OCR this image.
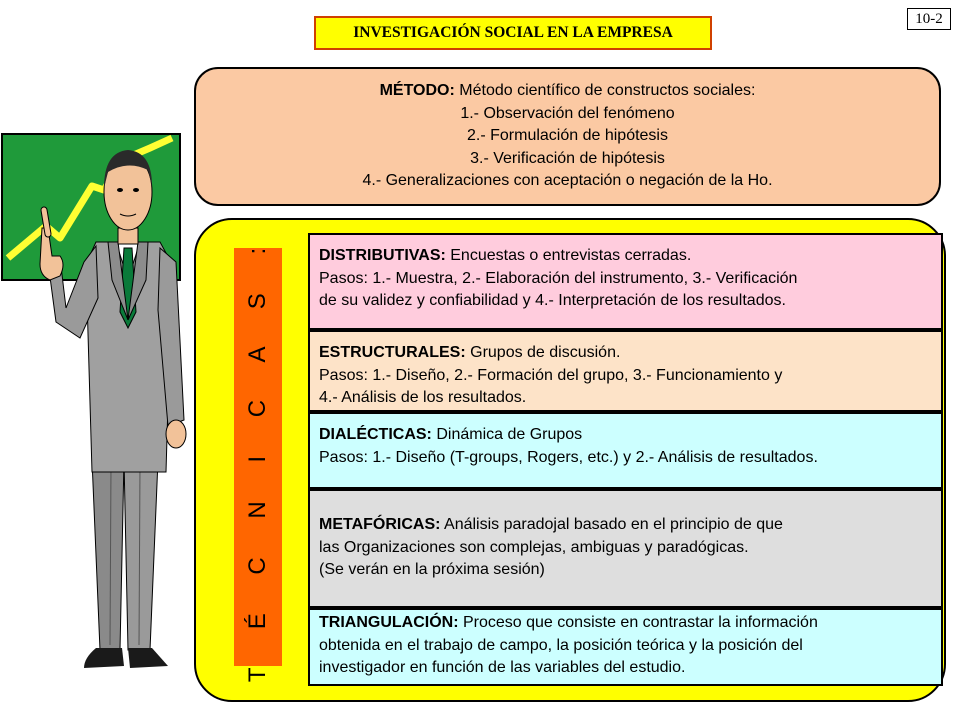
INVESTIGACIÓN SOCIAL EN LA EMPRESA
10-2
MÉTODO: Método científico de constructos sociales:
1.- Observación del fenómeno
2.- Formulación de hipótesis
3.- Verificación de hipótesis
4.- Generalizaciones con aceptación o negación de la Ho.
T É C N I C A S :	DISTRIBUTIVAS: Encuestas o entrevistas cerradas.
Pasos: 1.- Muestra, 2.- Elaboración del instrumento, 3.- Verificación
de su validez y confiabilidad y 4.- Interpretación de los resultados.
ESTRUCTURALES: Grupos de discusión.
Pasos: 1.- Diseño, 2.- Formación del grupo, 3.- Funcionamiento y
4.- Análisis de los resultados.
DIALÉCTICAS: Dinámica de Grupos
Pasos: 1.- Diseño (T-groups, Rogers, etc.) y 2.- Análisis de resultados.
METAFÓRICAS: Análisis paradojal basado en el principio de que
las Organizaciones son complejas, ambiguas y paradógicas.
(Se verán en la próxima sesión)
TRIANGULACIÓN: Proceso que consiste en contrastar la información
obtenida en el trabajo de campo, la posición teórica y la posición del
investigador en función de las variables del estudio.
